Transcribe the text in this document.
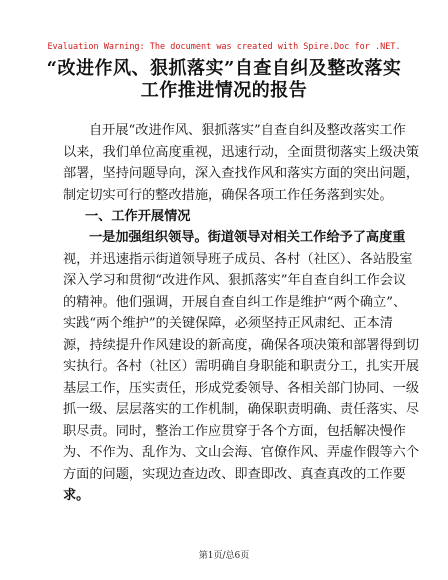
Evaluation Warning: The document was created with Spire.Doc for .NET.
“改进作风、狠抓落实”自查自纠及整改落实
工作推进情况的报告
自开展“改进作风、狠抓落实”自查自纠及整改落实工作
以来，我们单位高度重视，迅速行动，全面贯彻落实上级决策
部署，坚持问题导向，深入查找作风和落实方面的突出问题，
制定切实可行的整改措施，确保各项工作任务落到实处。
一、工作开展情况
一是加强组织领导。街道领导对相关工作给予了高度重
视，并迅速指示街道领导班子成员、各村（社区）、各站股室
深入学习和贯彻“改进作风、狠抓落实”年自查自纠工作会议
的精神。他们强调，开展自查自纠工作是维护“两个确立”、
实践“两个维护”的关键保障，必须坚持正风肃纪、正本清
源，持续提升作风建设的新高度，确保各项决策和部署得到切
实执行。各村（社区）需明确自身职能和职责分工，扎实开展
基层工作，压实责任，形成党委领导、各相关部门协同、一级
抓一级、层层落实的工作机制，确保职责明确、责任落实、尽
职尽责。同时，整治工作应贯穿于各个方面，包括解决慢作
为、不作为、乱作为、文山会海、官僚作风、弄虚作假等六个
方面的问题，实现边查边改、即查即改、真查真改的工作要
求。
第1页/总6页
